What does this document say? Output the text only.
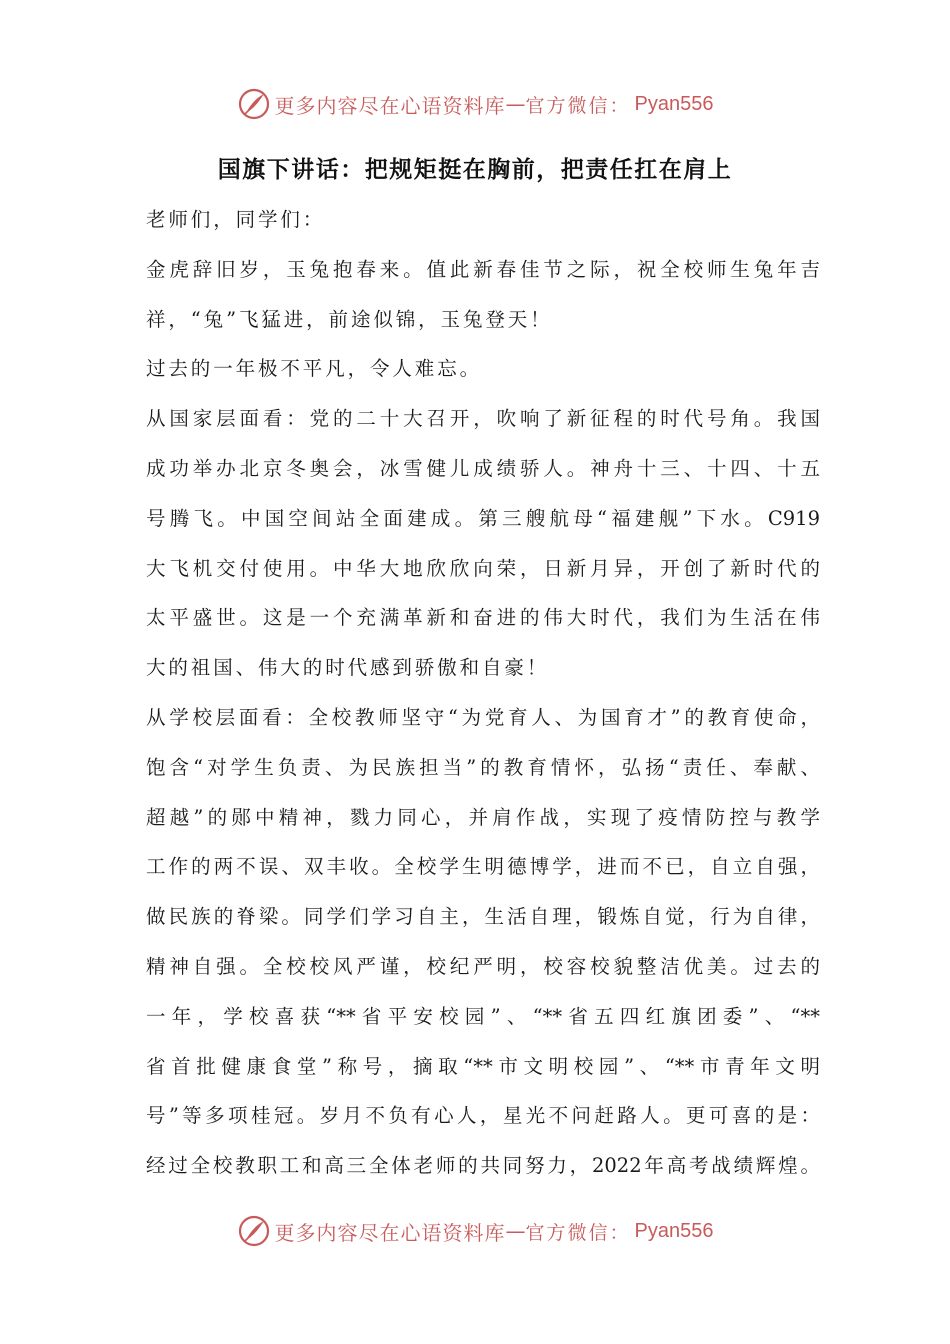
更多内容尽在心语资料库 — 官方微信： Pyan556
国旗下讲话：把规矩挺在胸前，把责任扛在肩上
老师们，同学们：
金虎辞旧岁，玉兔抱春来。值此新春佳节之际，祝全校师生兔年吉
祥，“兔”飞猛进，前途似锦，玉兔登天！
过去的一年极不平凡，令人难忘。
从国家层面看：党的二十大召开，吹响了新征程的时代号角。我国
成功举办北京冬奥会，冰雪健儿成绩骄人。神舟十三、十四、十五
号腾飞。中国空间站全面建成。第三艘航母“福建舰”下水。C919
大飞机交付使用。中华大地欣欣向荣，日新月异，开创了新时代的
太平盛世。这是一个充满革新和奋进的伟大时代，我们为生活在伟
大的祖国、伟大的时代感到骄傲和自豪！
从学校层面看：全校教师坚守“为党育人、为国育才”的教育使命，
饱含“对学生负责、为民族担当”的教育情怀，弘扬“责任、奉献、
超越”的郧中精神，戮力同心，并肩作战，实现了疫情防控与教学
工作的两不误、双丰收。全校学生明德博学，进而不已，自立自强，
做民族的脊梁。同学们学习自主，生活自理，锻炼自觉，行为自律，
精神自强。全校校风严谨，校纪严明，校容校貌整洁优美。过去的
一年，学校喜获“**省平安校园”、“**省五四红旗团委”、“**
省首批健康食堂”称号，摘取“**市文明校园”、“**市青年文明
号”等多项桂冠。岁月不负有心人，星光不问赶路人。更可喜的是：
经过全校教职工和高三全体老师的共同努力，2022年高考战绩辉煌。
更多内容尽在心语资料库 — 官方微信： Pyan556
